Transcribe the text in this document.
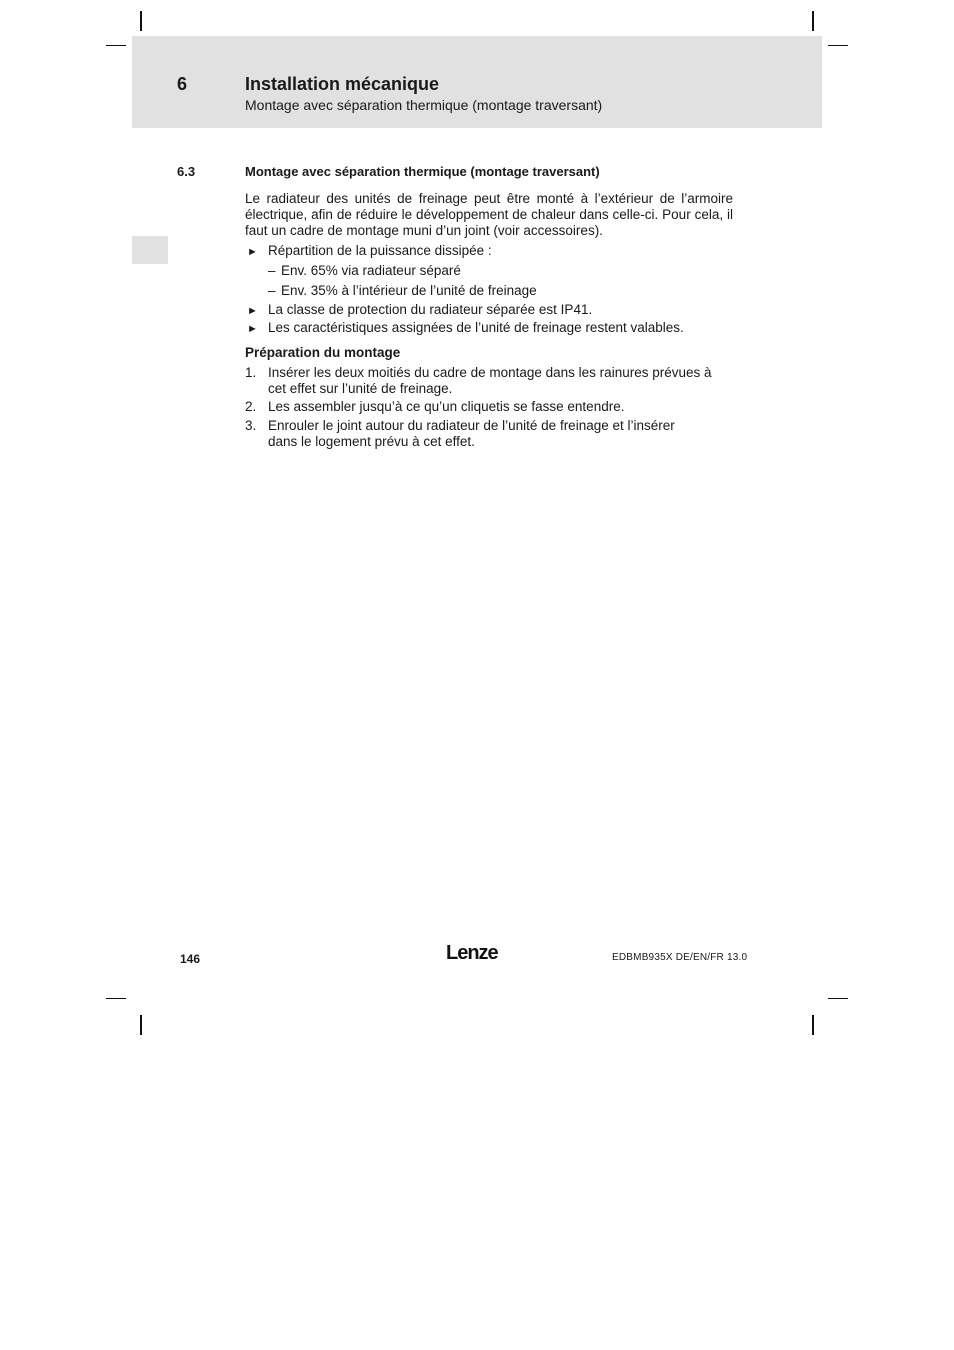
6	Installation mécanique
Montage avec séparation thermique (montage traversant)
6.3	Montage avec séparation thermique (montage traversant)
Le radiateur des unités de freinage peut être monté à l’extérieur de l’armoire électrique, afin de réduire le développement de chaleur dans celle-ci. Pour cela, il faut un cadre de montage muni d’un joint (voir accessoires).
► Répartition de la puissance dissipée :
– Env. 65% via radiateur séparé
– Env. 35% à l’intérieur de l’unité de freinage
► La classe de protection du radiateur séparée est IP41.
► Les caractéristiques assignées de l’unité de freinage restent valables.
Préparation du montage
1. Insérer les deux moitiés du cadre de montage dans les rainures prévues à
cet effet sur l’unité de freinage.
2. Les assembler jusqu’à ce qu’un cliquetis se fasse entendre.
3. Enrouler le joint autour du radiateur de l’unité de freinage et l’insérer
dans le logement prévu à cet effet.
146	Lenze	EDBMB935X DE/EN/FR 13.0
